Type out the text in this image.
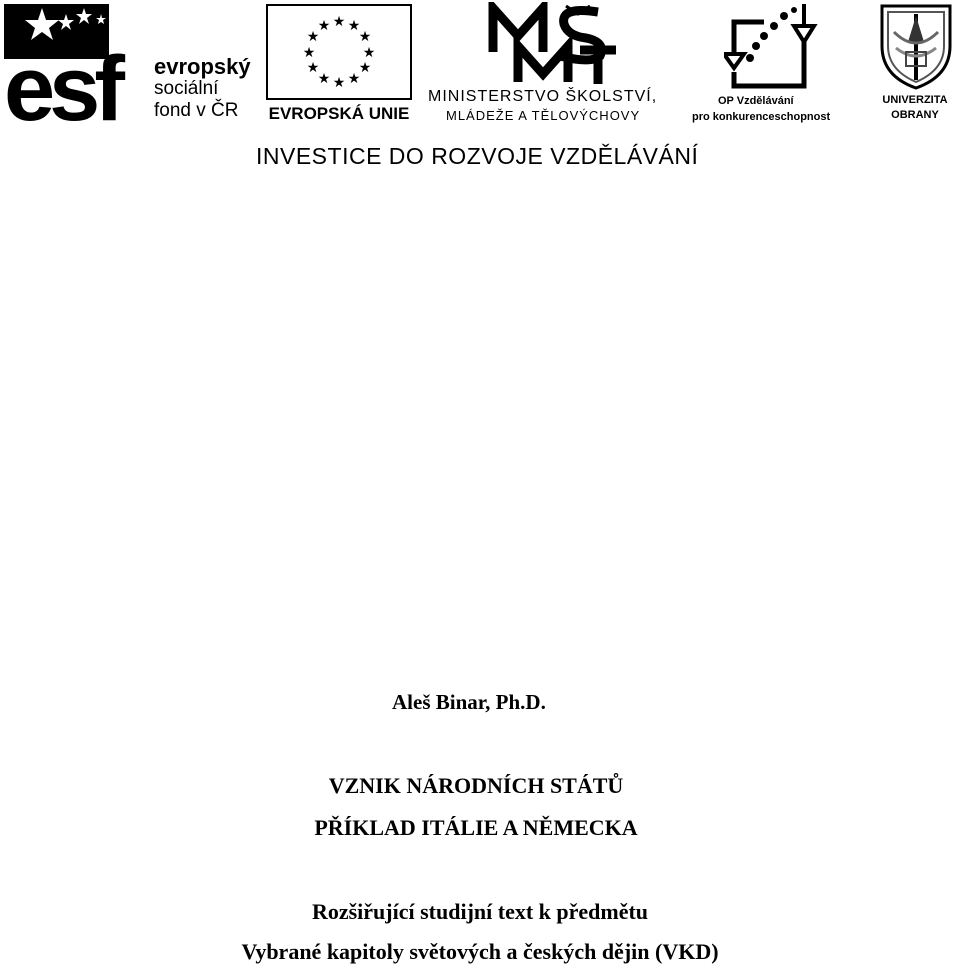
esf evropský
sociální
fond v ČR
★ ★
★
★
★
★
★
★
★
★
★
★
EVROPSKÁ UNIE
MINISTERSTVO ŠKOLSTVÍ,
MLÁDEŽE A TĚLOVÝCHOVY
OP Vzdělávání
pro konkurenceschopnost
UNIVERZITA
OBRANY
INVESTICE DO ROZVOJE VZDĚLÁVÁNÍ
Aleš Binar, Ph.D.
VZNIK NÁRODNÍCH STÁTŮ
PŘÍKLAD ITÁLIE A NĚMECKA
Rozšiřující studijní text k předmětu
Vybrané kapitoly světových a českých dějin (VKD)
